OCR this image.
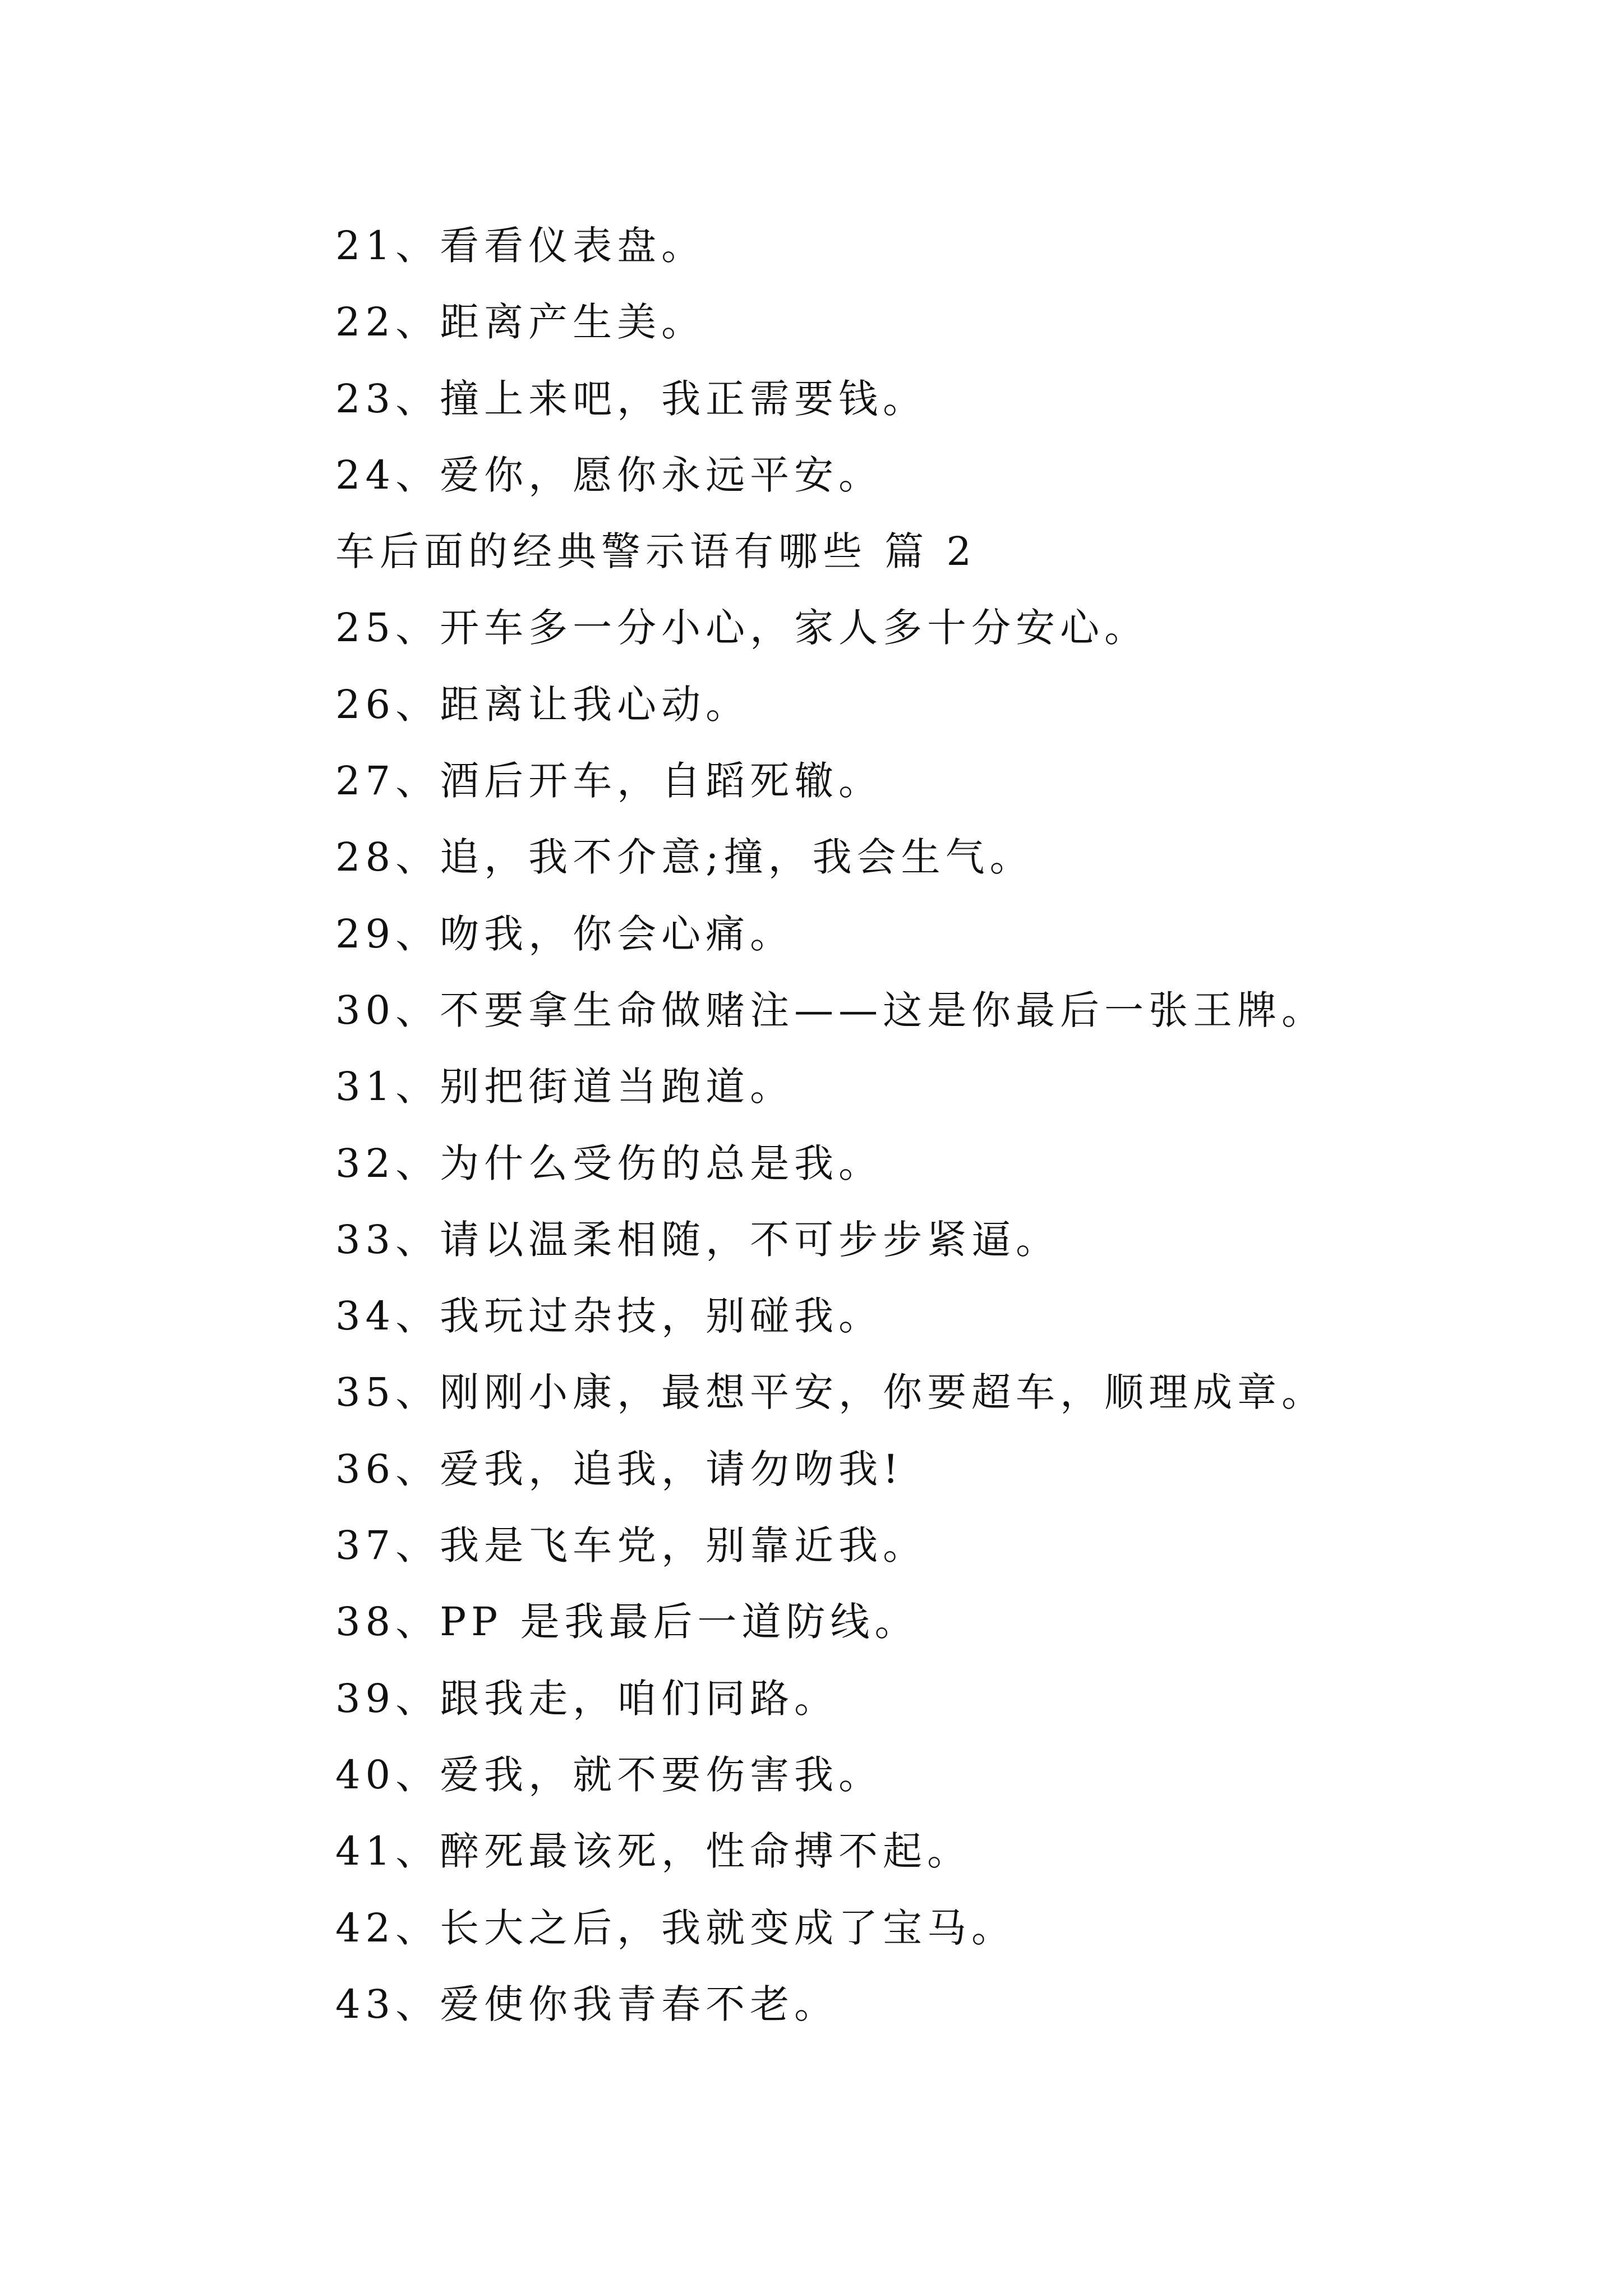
21、看看仪表盘。
22、距离产生美。
23、撞上来吧，我正需要钱。
24、爱你，愿你永远平安。
车后面的经典警示语有哪些 篇 2
25、开车多一分小心，家人多十分安心。
26、距离让我心动。
27、酒后开车，自蹈死辙。
28、追，我不介意;撞，我会生气。
29、吻我，你会心痛。
30、不要拿生命做赌注——这是你最后一张王牌。
31、别把街道当跑道。
32、为什么受伤的总是我。
33、请以温柔相随，不可步步紧逼。
34、我玩过杂技，别碰我。
35、刚刚小康，最想平安，你要超车，顺理成章。
36、爱我，追我，请勿吻我!
37、我是飞车党，别靠近我。
38、PP 是我最后一道防线。
39、跟我走，咱们同路。
40、爱我，就不要伤害我。
41、醉死最该死，性命搏不起。
42、长大之后，我就变成了宝马。
43、爱使你我青春不老。
